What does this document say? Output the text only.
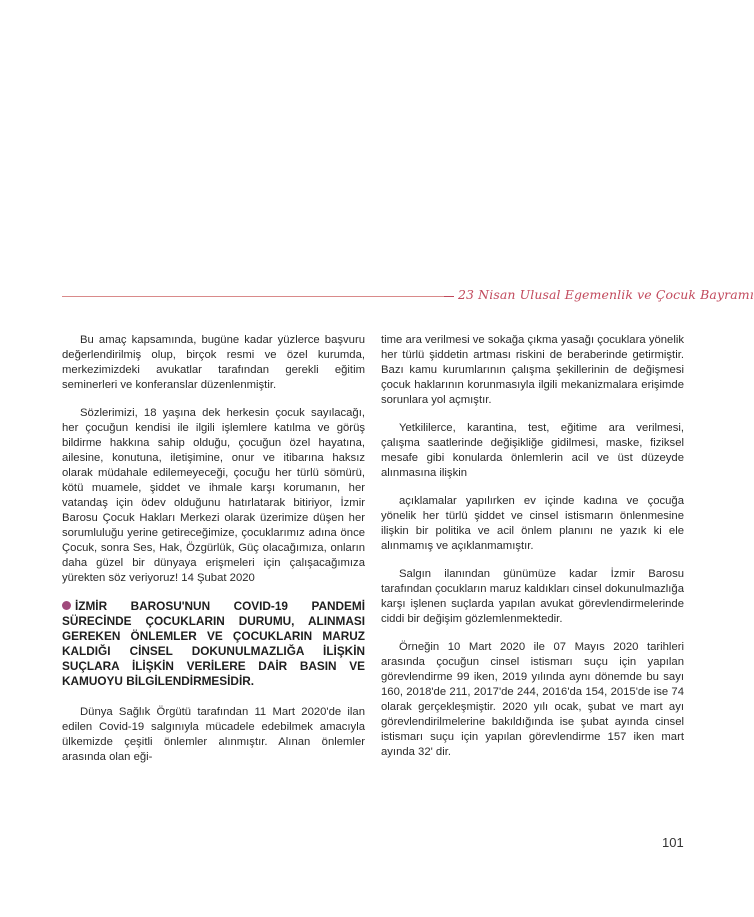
23 Nisan Ulusal Egemenlik ve Çocuk Bayramı

Bu amaç kapsamında, bugüne kadar yüzlerce başvuru değerlendirilmiş olup, birçok resmi ve özel kurumda, merkezimizdeki avukatlar tarafından gerekli eğitim seminerleri ve konferanslar düzenlenmiştir.

Sözlerimizi, 18 yaşına dek herkesin çocuk sayılacağı, her çocuğun kendisi ile ilgili işlemlere katılma ve görüş bildirme hakkına sahip olduğu, çocuğun özel hayatına, ailesine, konutuna, iletişimine, onur ve itibarına haksız olarak müdahale edilemeyeceği, çocuğu her türlü sömürü, kötü muamele, şiddet ve ihmale karşı korumanın, her vatandaş için ödev olduğunu hatırlatarak bitiriyor, İzmir Barosu Çocuk Hakları Merkezi olarak üzerimize düşen her sorumluluğu yerine getireceğimize, çocuklarımız adına önce Çocuk, sonra Ses, Hak, Özgürlük, Güç olacağımıza, onların daha güzel bir dünyaya erişmeleri için çalışacağımıza yürekten söz veriyoruz! 14 Şubat 2020

İZMİR BAROSU'NUN COVID-19 PANDEMİ SÜRECİNDE ÇOCUKLARIN DURUMU, ALINMASI GEREKEN ÖNLEMLER VE ÇOCUKLARIN MARUZ KALDIĞI CİNSEL DOKUNULMAZLIĞA İLİŞKİN SUÇLARA İLİŞKİN VERİLERE DAİR BASIN VE KAMUOYU BİLGİLENDİRMESİDİR.

Dünya Sağlık Örgütü tarafından 11 Mart 2020'de ilan edilen Covid-19 salgınıyla mücadele edebilmek amacıyla ülkemizde çeşitli önlemler alınmıştır. Alınan önlemler arasında olan eği-

time ara verilmesi ve sokağa çıkma yasağı çocuklara yönelik her türlü şiddetin artması riskini de beraberinde getirmiştir. Bazı kamu kurumlarının çalışma şekillerinin de değişmesi çocuk haklarının korunmasıyla ilgili mekanizmalara erişimde sorunlara yol açmıştır.

Yetkililerce, karantina, test, eğitime ara verilmesi, çalışma saatlerinde değişikliğe gidilmesi, maske, fiziksel mesafe gibi konularda önlemlerin acil ve üst düzeyde alınmasına ilişkin

açıklamalar yapılırken ev içinde kadına ve çocuğa yönelik her türlü şiddet ve cinsel istismarın önlenmesine ilişkin bir politika ve acil önlem planını ne yazık ki ele alınmamış ve açıklanmamıştır.

Salgın ilanından günümüze kadar İzmir Barosu tarafından çocukların maruz kaldıkları cinsel dokunulmazlığa karşı işlenen suçlarda yapılan avukat görevlendirmelerinde ciddi bir değişim gözlemlenmektedir.

Örneğin 10 Mart 2020 ile 07 Mayıs 2020 tarihleri arasında çocuğun cinsel istismarı suçu için yapılan görevlendirme 99 iken, 2019 yılında aynı dönemde bu sayı 160, 2018'de 211, 2017'de 244, 2016'da 154, 2015'de ise 74 olarak gerçekleşmiştir. 2020 yılı ocak, şubat ve mart ayı görevlendirilmelerine bakıldığında ise şubat ayında cinsel istismarı suçu için yapılan görevlendirme 157 iken mart ayında 32' dir.

101
